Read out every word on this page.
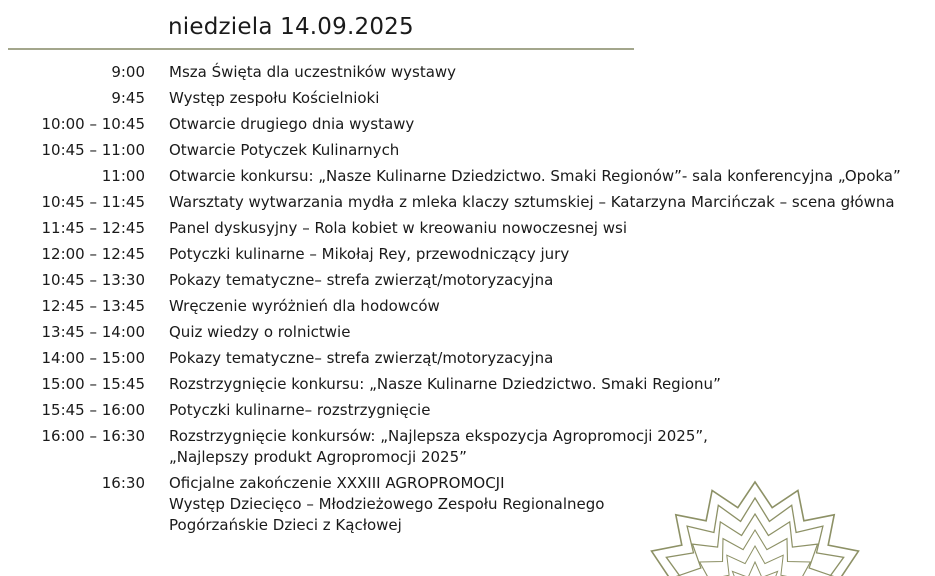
niedziela 14.09.2025
9:00 Msza Święta dla uczestników wystawy
9:45 Występ zespołu Kościelnioki
10:00 – 10:45 Otwarcie drugiego dnia wystawy
10:45 – 11:00 Otwarcie Potyczek Kulinarnych
11:00 Otwarcie konkursu: „Nasze Kulinarne Dziedzictwo. Smaki Regionów”- sala konferencyjna „Opoka”
10:45 – 11:45 Warsztaty wytwarzania mydła z mleka klaczy sztumskiej – Katarzyna Marcińczak – scena główna
11:45 – 12:45 Panel dyskusyjny – Rola kobiet w kreowaniu nowoczesnej wsi
12:00 – 12:45 Potyczki kulinarne – Mikołaj Rey, przewodniczący jury
10:45 – 13:30 Pokazy tematyczne– strefa zwierząt/motoryzacyjna
12:45 – 13:45 Wręczenie wyróżnień dla hodowców
13:45 – 14:00 Quiz wiedzy o rolnictwie
14:00 – 15:00 Pokazy tematyczne– strefa zwierząt/motoryzacyjna
15:00 – 15:45 Rozstrzygnięcie konkursu: „Nasze Kulinarne Dziedzictwo. Smaki Regionu”
15:45 – 16:00 Potyczki kulinarne– rozstrzygnięcie
16:00 – 16:30 Rozstrzygnięcie konkursów: „Najlepsza ekspozycja Agropromocji 2025”,
„Najlepszy produkt Agropromocji 2025”
16:30 Oficjalne zakończenie XXXIII AGROPROMOCJI
Występ Dziecięco – Młodzieżowego Zespołu Regionalnego
Pogórzańskie Dzieci z Kącłowej
